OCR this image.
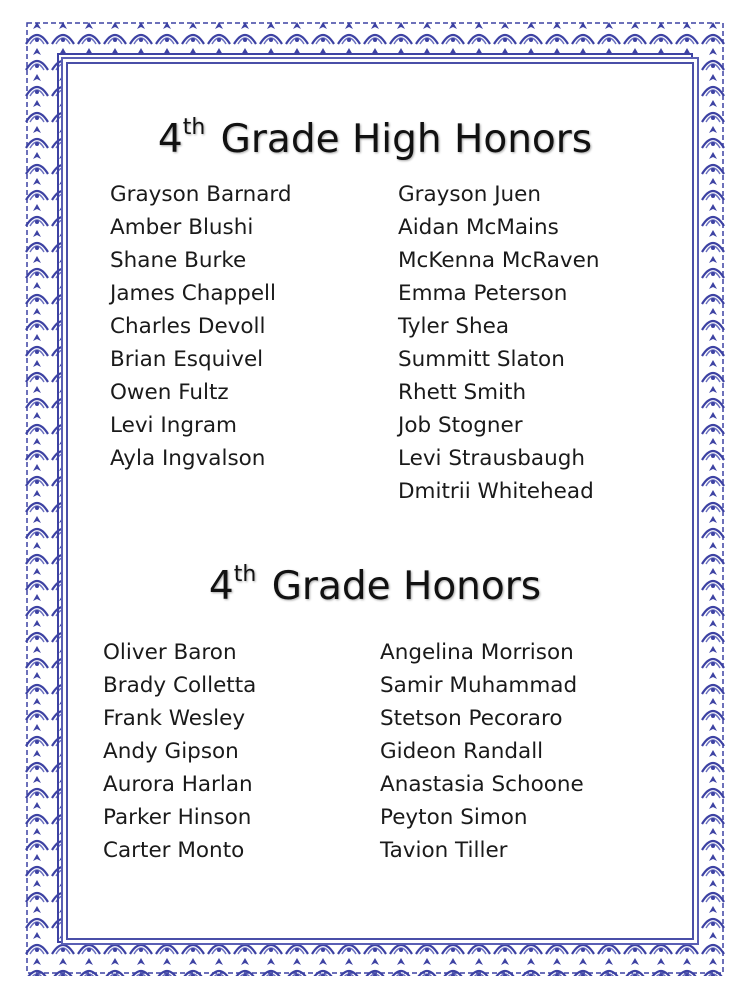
4th Grade High Honors
Grayson Barnard
Amber Blushi
Shane Burke
James Chappell
Charles Devoll
Brian Esquivel
Owen Fultz
Levi Ingram
Ayla Ingvalson
Grayson Juen
Aidan McMains
McKenna McRaven
Emma Peterson
Tyler Shea
Summitt Slaton
Rhett Smith
Job Stogner
Levi Strausbaugh
Dmitrii Whitehead
4th Grade Honors
Oliver Baron
Brady Colletta
Frank Wesley
Andy Gipson
Aurora Harlan
Parker Hinson
Carter Monto
Angelina Morrison
Samir Muhammad
Stetson Pecoraro
Gideon Randall
Anastasia Schoone
Peyton Simon
Tavion Tiller
